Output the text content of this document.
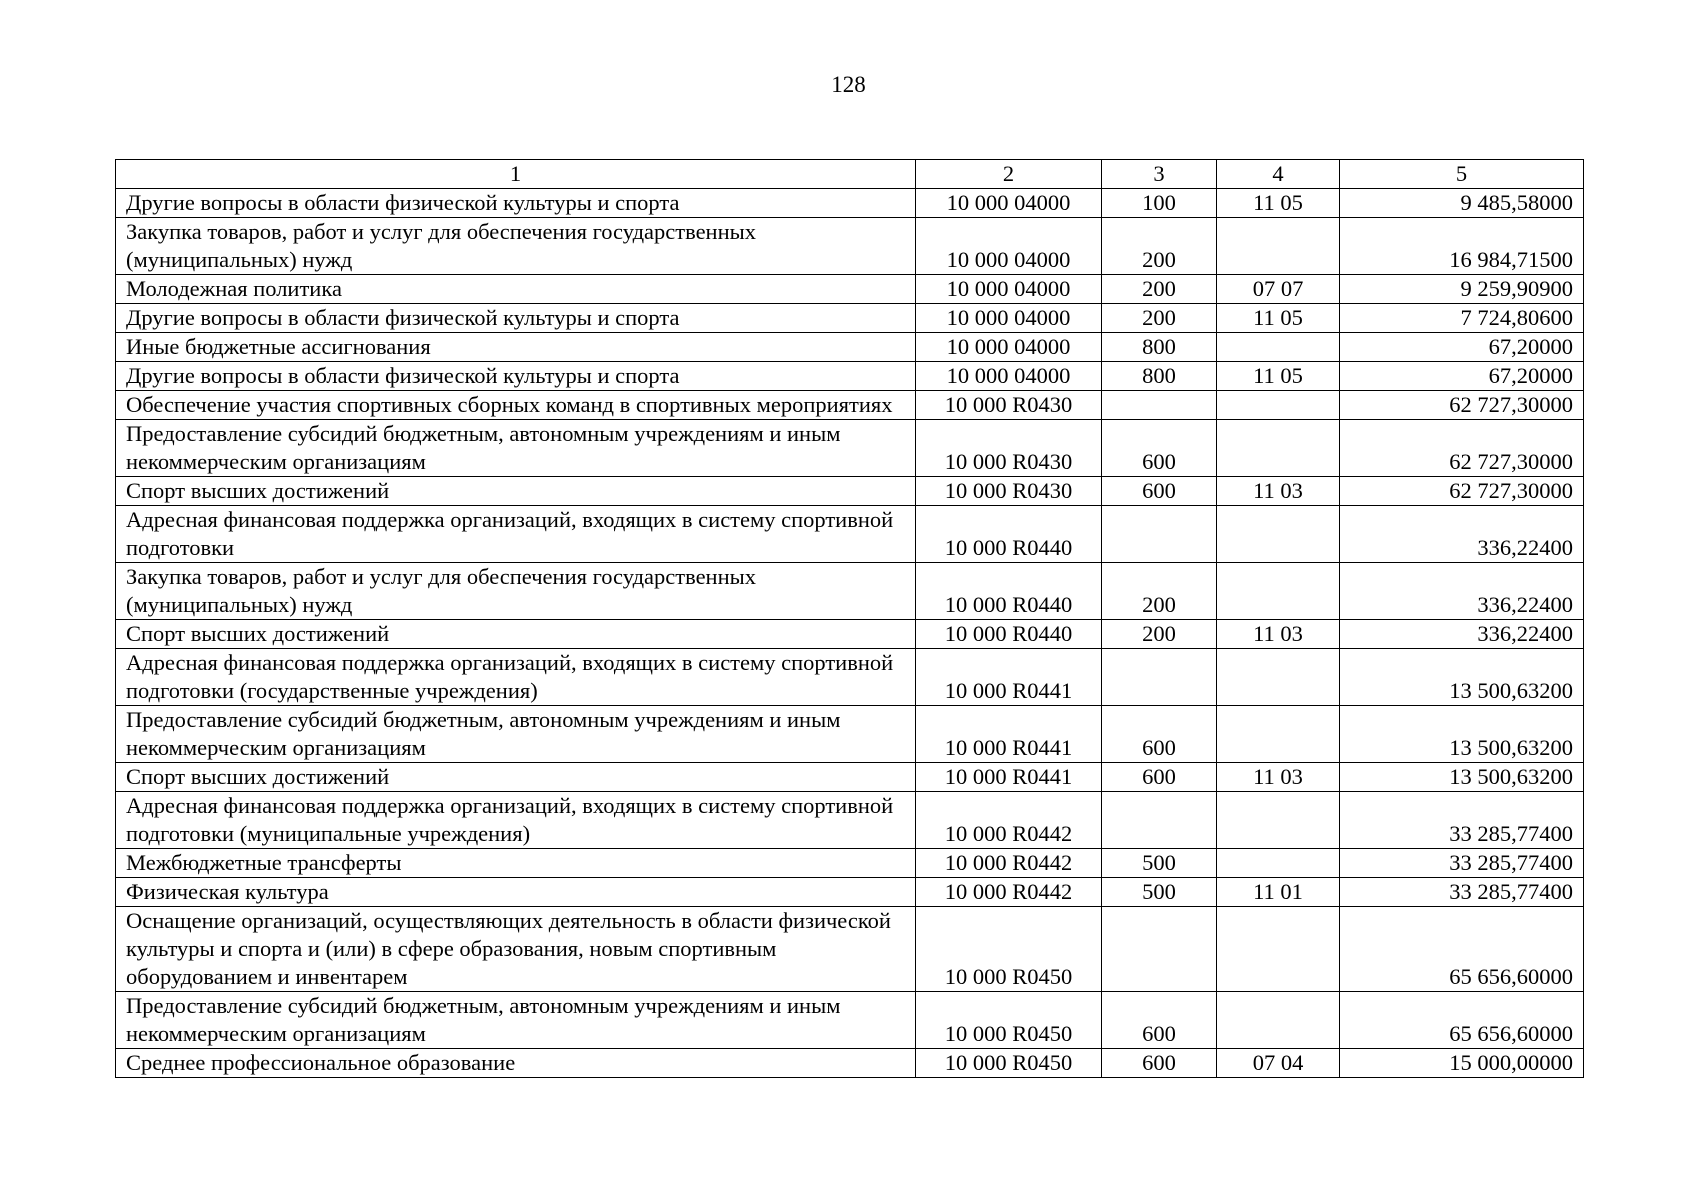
128
1	2	3	4	5
Другие вопросы в области физической культуры и спорта	10 000 04000	100	11 05	9 485,58000
Закупка товаров, работ и услуг для обеспечения государственных (муниципальных) нужд	10 000 04000	200		16 984,71500
Молодежная политика	10 000 04000	200	07 07	9 259,90900
Другие вопросы в области физической культуры и спорта	10 000 04000	200	11 05	7 724,80600
Иные бюджетные ассигнования	10 000 04000	800		67,20000
Другие вопросы в области физической культуры и спорта	10 000 04000	800	11 05	67,20000
Обеспечение участия спортивных сборных команд в спортивных мероприятиях	10 000 R0430			62 727,30000
Предоставление субсидий бюджетным, автономным учреждениям и иным некоммерческим организациям	10 000 R0430	600		62 727,30000
Спорт высших достижений	10 000 R0430	600	11 03	62 727,30000
Адресная финансовая поддержка организаций, входящих в систему спортивной подготовки	10 000 R0440			336,22400
Закупка товаров, работ и услуг для обеспечения государственных (муниципальных) нужд	10 000 R0440	200		336,22400
Спорт высших достижений	10 000 R0440	200	11 03	336,22400
Адресная финансовая поддержка организаций, входящих в систему спортивной подготовки (государственные учреждения)	10 000 R0441			13 500,63200
Предоставление субсидий бюджетным, автономным учреждениям и иным некоммерческим организациям	10 000 R0441	600		13 500,63200
Спорт высших достижений	10 000 R0441	600	11 03	13 500,63200
Адресная финансовая поддержка организаций, входящих в систему спортивной подготовки (муниципальные учреждения)	10 000 R0442			33 285,77400
Межбюджетные трансферты	10 000 R0442	500		33 285,77400
Физическая культура	10 000 R0442	500	11 01	33 285,77400
Оснащение организаций, осуществляющих деятельность в области физической культуры и спорта и (или) в сфере образования, новым спортивным оборудованием и инвентарем	10 000 R0450			65 656,60000
Предоставление субсидий бюджетным, автономным учреждениям и иным некоммерческим организациям	10 000 R0450	600		65 656,60000
Среднее профессиональное образование	10 000 R0450	600	07 04	15 000,00000
